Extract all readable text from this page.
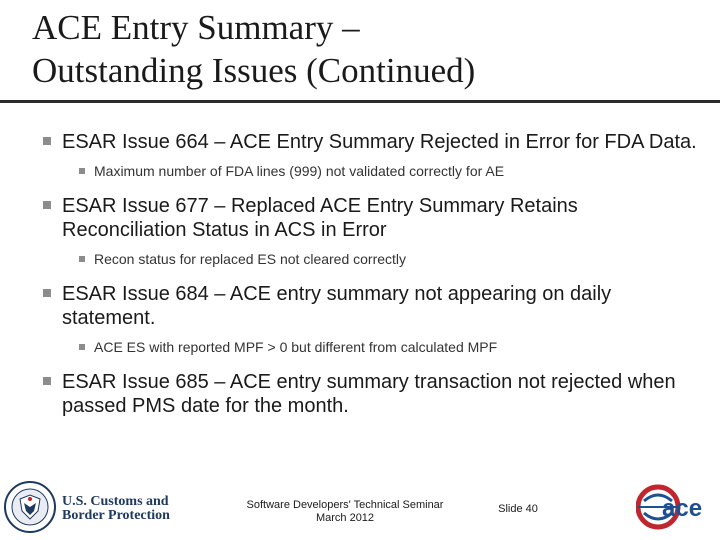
ACE Entry Summary –
Outstanding Issues (Continued)
ESAR Issue 664 – ACE Entry Summary Rejected in Error for FDA Data.
Maximum number of FDA lines (999) not validated correctly for AE
ESAR Issue 677 – Replaced ACE Entry Summary Retains Reconciliation Status in ACS in Error
Recon status for replaced ES not cleared correctly
ESAR Issue 684 – ACE entry summary not appearing on daily statement.
ACE ES with reported MPF > 0 but different from calculated MPF
ESAR Issue 685 – ACE entry summary transaction not rejected when passed PMS date for the month.
U.S. Customs and
Border Protection
Software Developers' Technical Seminar
March 2012
Slide 40	ace
